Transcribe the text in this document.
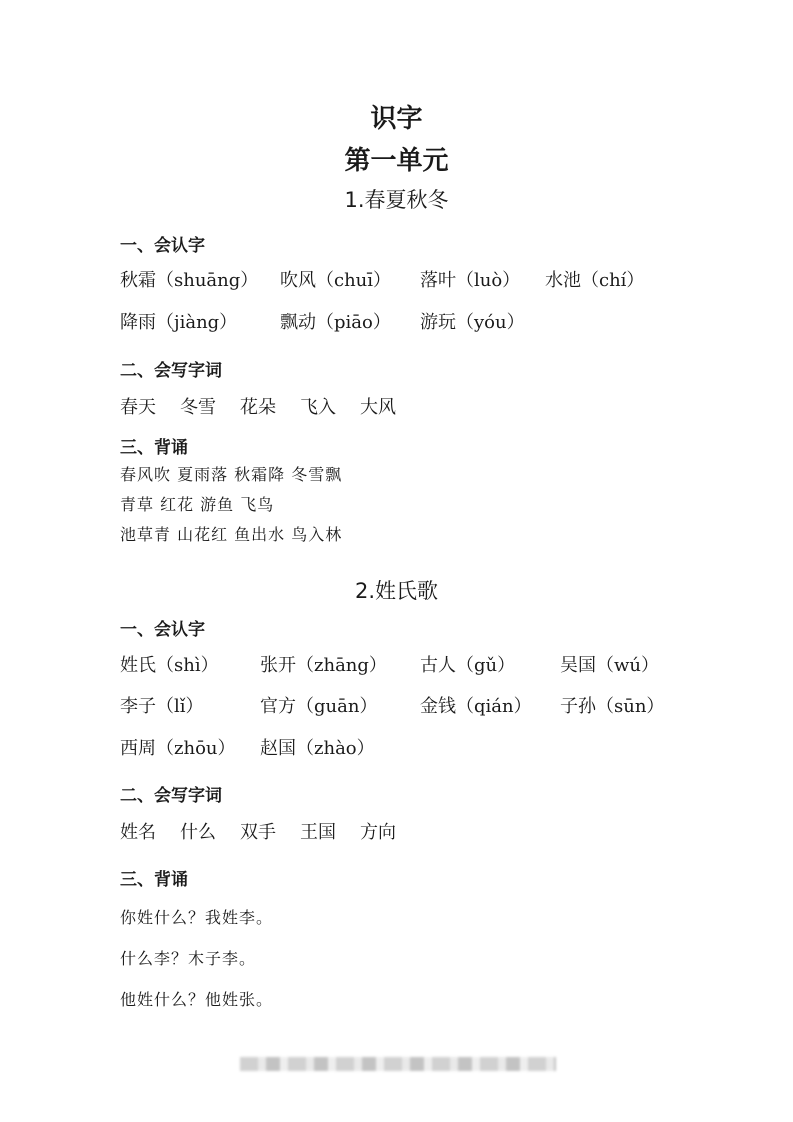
识字
第一单元
1.春夏秋冬
一、会认字
秋霜（shuāng） 吹风（chuī） 落叶（luò） 水池（chí）
降雨（jiàng） 飘动（piāo） 游玩（yóu）
二、会写字词
春天 冬雪 花朵 飞入 大风
三、背诵
春风吹 夏雨落 秋霜降 冬雪飘
青草 红花 游鱼 飞鸟
池草青 山花红 鱼出水 鸟入林
2.姓氏歌
一、会认字
姓氏（shì） 张开（zhāng） 古人（gǔ） 吴国（wú）
李子（lǐ）	官方（guān） 金钱（qián） 子孙（sūn）
西周（zhōu） 赵国（zhào）
二、会写字词
姓名 什么 双手 王国 方向
三、背诵
你姓什么？我姓李。
什么李？木子李。
他姓什么？他姓张。
